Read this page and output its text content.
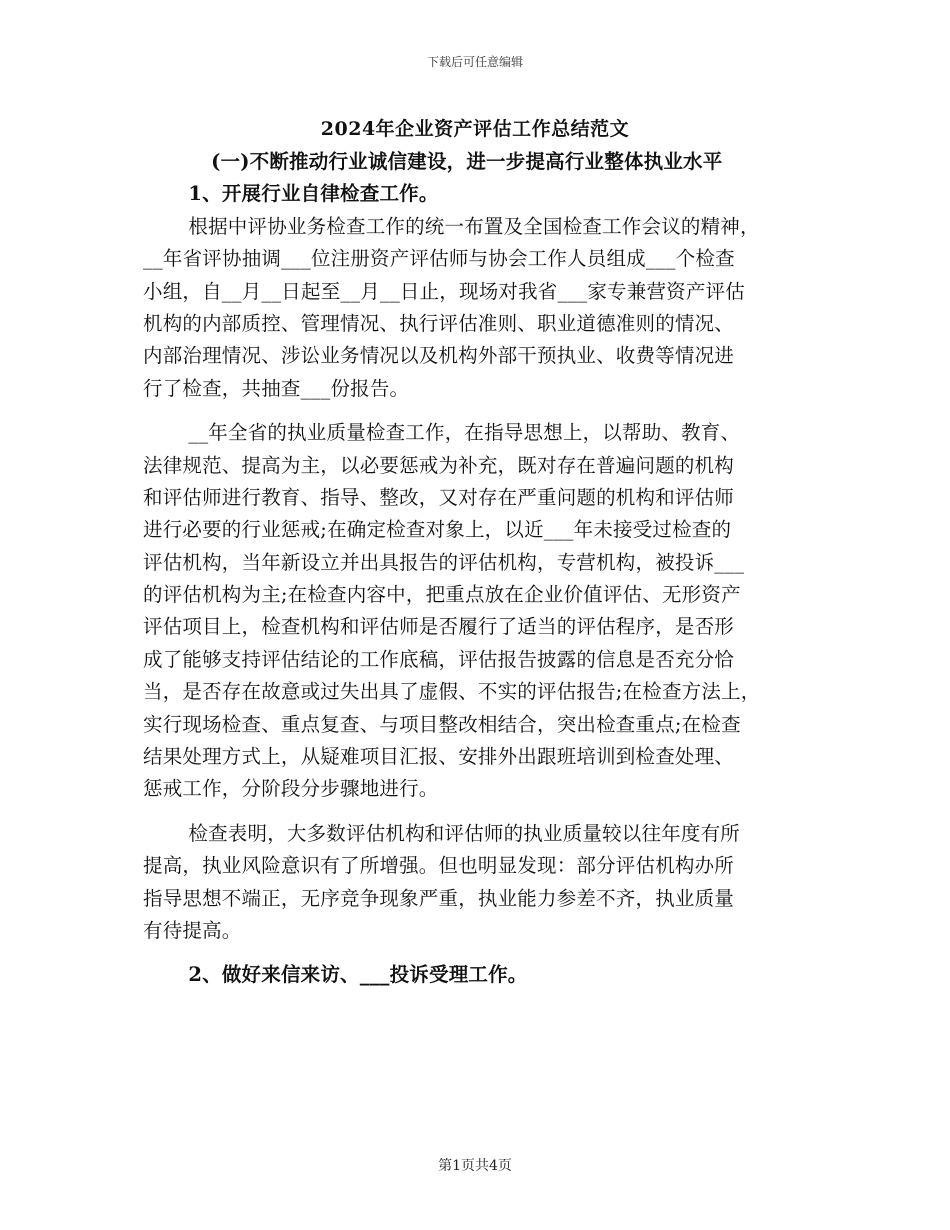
下载后可任意编辑
2024年企业资产评估工作总结范文
(一)不断推动行业诚信建设，进一步提高行业整体执业水平
1、开展行业自律检查工作。
根据中评协业务检查工作的统一布置及全国检查工作会议的精神，
__年省评协抽调___位注册资产评估师与协会工作人员组成___个检查
小组，自__月__日起至__月__日止，现场对我省___家专兼营资产评估
机构的内部质控、管理情况、执行评估准则、职业道德准则的情况、
内部治理情况、涉讼业务情况以及机构外部干预执业、收费等情况进
行了检查，共抽查___份报告。
__年全省的执业质量检查工作，在指导思想上，以帮助、教育、
法律规范、提高为主，以必要惩戒为补充，既对存在普遍问题的机构
和评估师进行教育、指导、整改，又对存在严重问题的机构和评估师
进行必要的行业惩戒;在确定检查对象上，以近___年未接受过检查的
评估机构，当年新设立并出具报告的评估机构，专营机构，被投诉___
的评估机构为主;在检查内容中，把重点放在企业价值评估、无形资产
评估项目上，检查机构和评估师是否履行了适当的评估程序，是否形
成了能够支持评估结论的工作底稿，评估报告披露的信息是否充分恰
当，是否存在故意或过失出具了虚假、不实的评估报告;在检查方法上，
实行现场检查、重点复查、与项目整改相结合，突出检查重点;在检查
结果处理方式上，从疑难项目汇报、安排外出跟班培训到检查处理、
惩戒工作，分阶段分步骤地进行。
检查表明，大多数评估机构和评估师的执业质量较以往年度有所
提高，执业风险意识有了所增强。但也明显发现：部分评估机构办所
指导思想不端正，无序竞争现象严重，执业能力参差不齐，执业质量
有待提高。
2、做好来信来访、___投诉受理工作。
第1页共4页
